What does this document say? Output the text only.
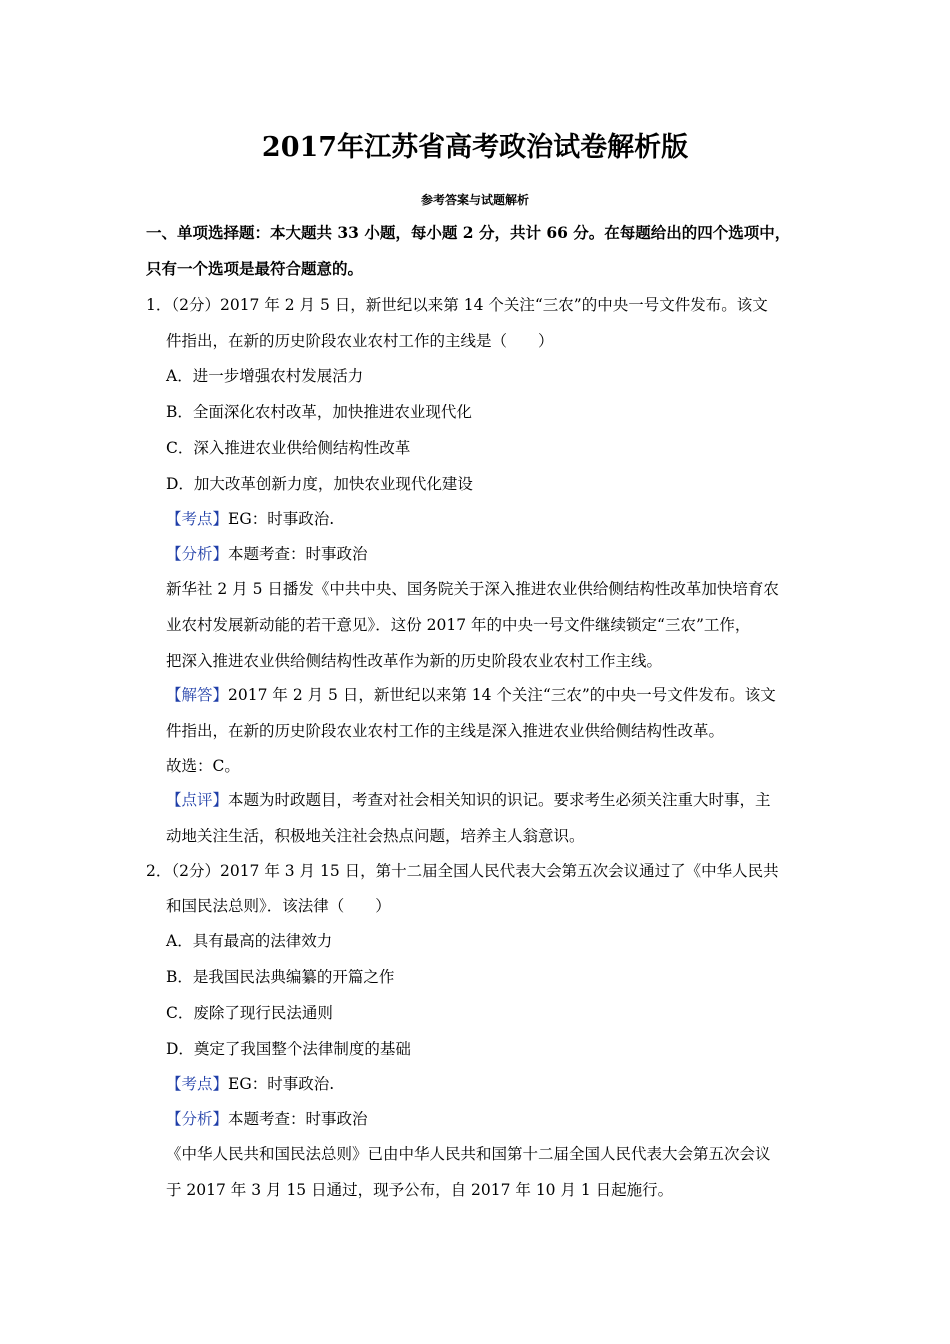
2017年江苏省高考政治试卷解析版
参考答案与试题解析
一、单项选择题：本大题共 33 小题，每小题 2 分，共计 66 分。在每题给出的四个选项中，
只有一个选项是最符合题意的。
1．（2分）2017 年 2 月 5 日，新世纪以来第 14 个关注“三农”的中央一号文件发布。该文
件指出，在新的历史阶段农业农村工作的主线是（　　）
A．进一步增强农村发展活力
B．全面深化农村改革，加快推进农业现代化
C．深入推进农业供给侧结构性改革
D．加大改革创新力度，加快农业现代化建设
【考点】EG：时事政治.
【分析】本题考查：时事政治
新华社 2 月 5 日播发《中共中央、国务院关于深入推进农业供给侧结构性改革加快培育农
业农村发展新动能的若干意见》．这份 2017 年的中央一号文件继续锁定“三农”工作，
把深入推进农业供给侧结构性改革作为新的历史阶段农业农村工作主线。
【解答】2017 年 2 月 5 日，新世纪以来第 14 个关注“三农”的中央一号文件发布。该文
件指出，在新的历史阶段农业农村工作的主线是深入推进农业供给侧结构性改革。
故选：C。
【点评】本题为时政题目，考查对社会相关知识的识记。要求考生必须关注重大时事，主
动地关注生活，积极地关注社会热点问题，培养主人翁意识。
2．（2分）2017 年 3 月 15 日，第十二届全国人民代表大会第五次会议通过了《中华人民共
和国民法总则》．该法律（　　）
A．具有最高的法律效力
B．是我国民法典编纂的开篇之作
C．废除了现行民法通则
D．奠定了我国整个法律制度的基础
【考点】EG：时事政治.
【分析】本题考查：时事政治
《中华人民共和国民法总则》已由中华人民共和国第十二届全国人民代表大会第五次会议
于 2017 年 3 月 15 日通过，现予公布，自 2017 年 10 月 1 日起施行。
